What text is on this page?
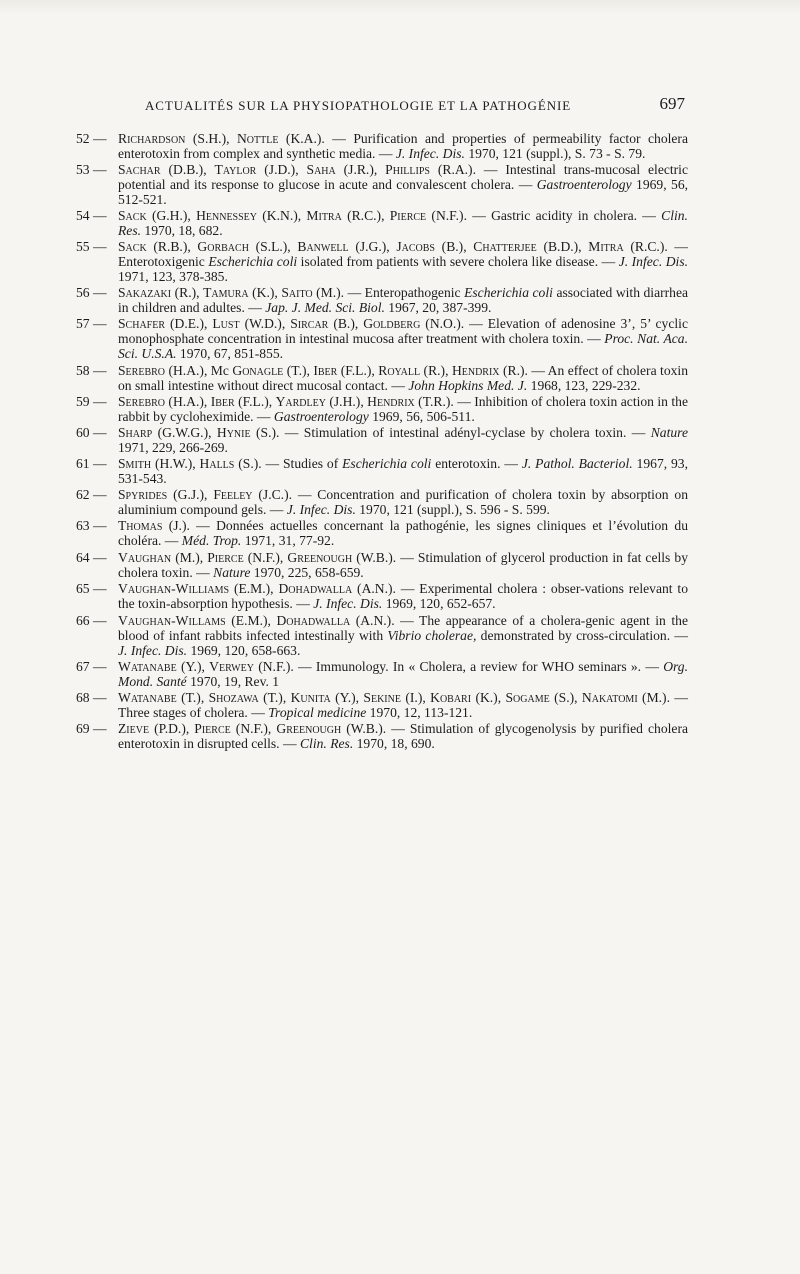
ACTUALITÉS SUR LA PHYSIOPATHOLOGIE ET LA PATHOGÉNIE	697
52 — Richardson (S.H.), Nottle (K.A.). — Purification and properties of permeability factor cholera enterotoxin from complex and synthetic media. — J. Infec. Dis. 1970, 121 (suppl.), S. 73 - S. 79.
53 — Sachar (D.B.), Taylor (J.D.), Saha (J.R.), Phillips (R.A.). — Intestinal trans-mucosal electric potential and its response to glucose in acute and convalescent cholera. — Gastroenterology 1969, 56, 512-521.
54 — Sack (G.H.), Hennessey (K.N.), Mitra (R.C.), Pierce (N.F.). — Gastric acidity in cholera. — Clin. Res. 1970, 18, 682.
55 — Sack (R.B.), Gorbach (S.L.), Banwell (J.G.), Jacobs (B.), Chatterjee (B.D.), Mitra (R.C.). — Enterotoxigenic Escherichia coli isolated from patients with severe cholera like disease. — J. Infec. Dis. 1971, 123, 378-385.
56 — Sakazaki (R.), Tamura (K.), Saito (M.). — Enteropathogenic Escherichia coli associated with diarrhea in children and adultes. — Jap. J. Med. Sci. Biol. 1967, 20, 387-399.
57 — Schafer (D.E.), Lust (W.D.), Sircar (B.), Goldberg (N.O.). — Elevation of adenosine 3’, 5’ cyclic monophosphate concentration in intestinal mucosa after treatment with cholera toxin. — Proc. Nat. Aca. Sci. U.S.A. 1970, 67, 851-855.
58 — Serebro (H.A.), Mc Gonagle (T.), Iber (F.L.), Royall (R.), Hendrix (R.). — An effect of cholera toxin on small intestine without direct mucosal contact. — John Hopkins Med. J. 1968, 123, 229-232.
59 — Serebro (H.A.), Iber (F.L.), Yardley (J.H.), Hendrix (T.R.). — Inhibition of cholera toxin action in the rabbit by cycloheximide. — Gastroenterology 1969, 56, 506-511.
60 — Sharp (G.W.G.), Hynie (S.). — Stimulation of intestinal adényl-cyclase by cholera toxin. — Nature 1971, 229, 266-269.
61 — Smith (H.W.), Halls (S.). — Studies of Escherichia coli enterotoxin. — J. Pathol. Bacteriol. 1967, 93, 531-543.
62 — Spyrides (G.J.), Feeley (J.C.). — Concentration and purification of cholera toxin by absorption on aluminium compound gels. — J. Infec. Dis. 1970, 121 (suppl.), S. 596 - S. 599.
63 — Thomas (J.). — Données actuelles concernant la pathogénie, les signes cliniques et l’évolution du choléra. — Méd. Trop. 1971, 31, 77-92.
64 — Vaughan (M.), Pierce (N.F.), Greenough (W.B.). — Stimulation of glycerol production in fat cells by cholera toxin. — Nature 1970, 225, 658-659.
65 — Vaughan-Williams (E.M.), Dohadwalla (A.N.). — Experimental cholera : obser-vations relevant to the toxin-absorption hypothesis. — J. Infec. Dis. 1969, 120, 652-657.
66 — Vaughan-Willams (E.M.), Dohadwalla (A.N.). — The appearance of a cholera-genic agent in the blood of infant rabbits infected intestinally with Vibrio cholerae, demonstrated by cross-circulation. — J. Infec. Dis. 1969, 120, 658-663.
67 — Watanabe (Y.), Verwey (N.F.). — Immunology. In « Cholera, a review for WHO seminars ». — Org. Mond. Santé 1970, 19, Rev. 1
68 — Watanabe (T.), Shozawa (T.), Kunita (Y.), Sekine (I.), Kobari (K.), Sogame (S.), Nakatomi (M.). — Three stages of cholera. — Tropical medicine 1970, 12, 113-121.
69 — Zieve (P.D.), Pierce (N.F.), Greenough (W.B.). — Stimulation of glycogenolysis by purified cholera enterotoxin in disrupted cells. — Clin. Res. 1970, 18, 690.
